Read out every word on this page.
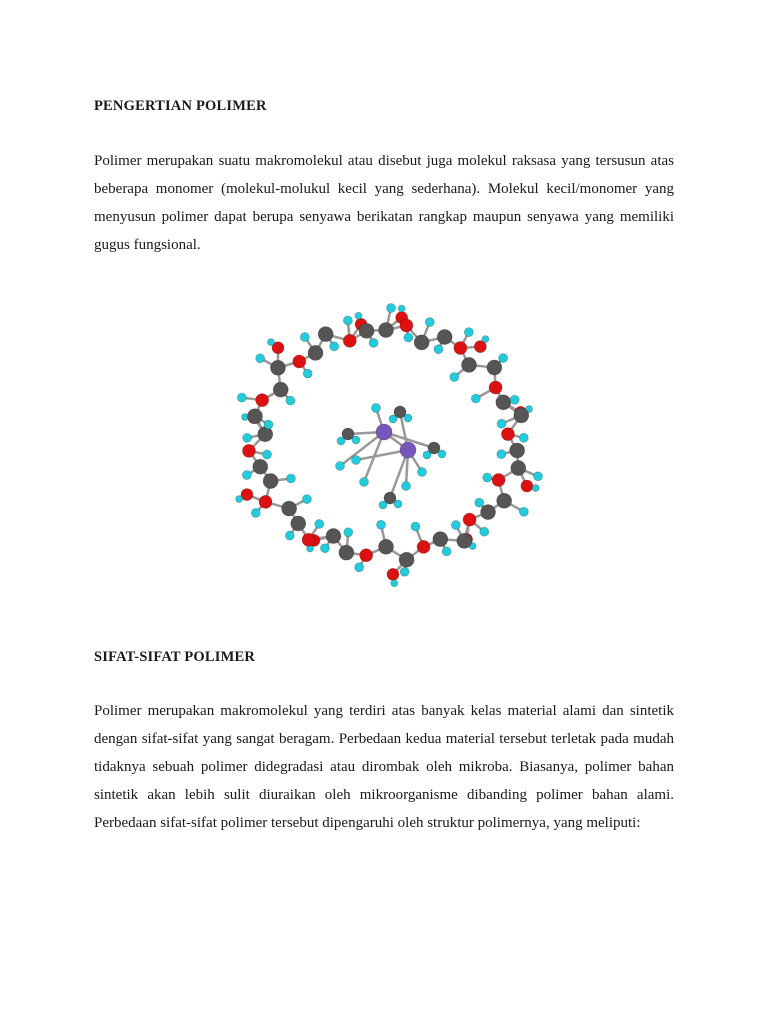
PENGERTIAN POLIMER

Polimer merupakan suatu makromolekul atau disebut juga molekul raksasa yang tersusun atas beberapa monomer (molekul-molukul kecil yang sederhana). Molekul kecil/monomer yang menyusun polimer dapat berupa senyawa berikatan rangkap maupun senyawa yang memiliki gugus fungsional.

SIFAT-SIFAT POLIMER

Polimer merupakan makromolekul yang terdiri atas banyak kelas material alami dan sintetik dengan sifat-sifat yang sangat beragam. Perbedaan kedua material tersebut terletak pada mudah tidaknya sebuah polimer didegradasi atau dirombak oleh mikroba. Biasanya, polimer bahan sintetik akan lebih sulit diuraikan oleh mikroorganisme dibanding polimer bahan alami. Perbedaan sifat-sifat polimer tersebut dipengaruhi oleh struktur polimernya, yang meliputi:
